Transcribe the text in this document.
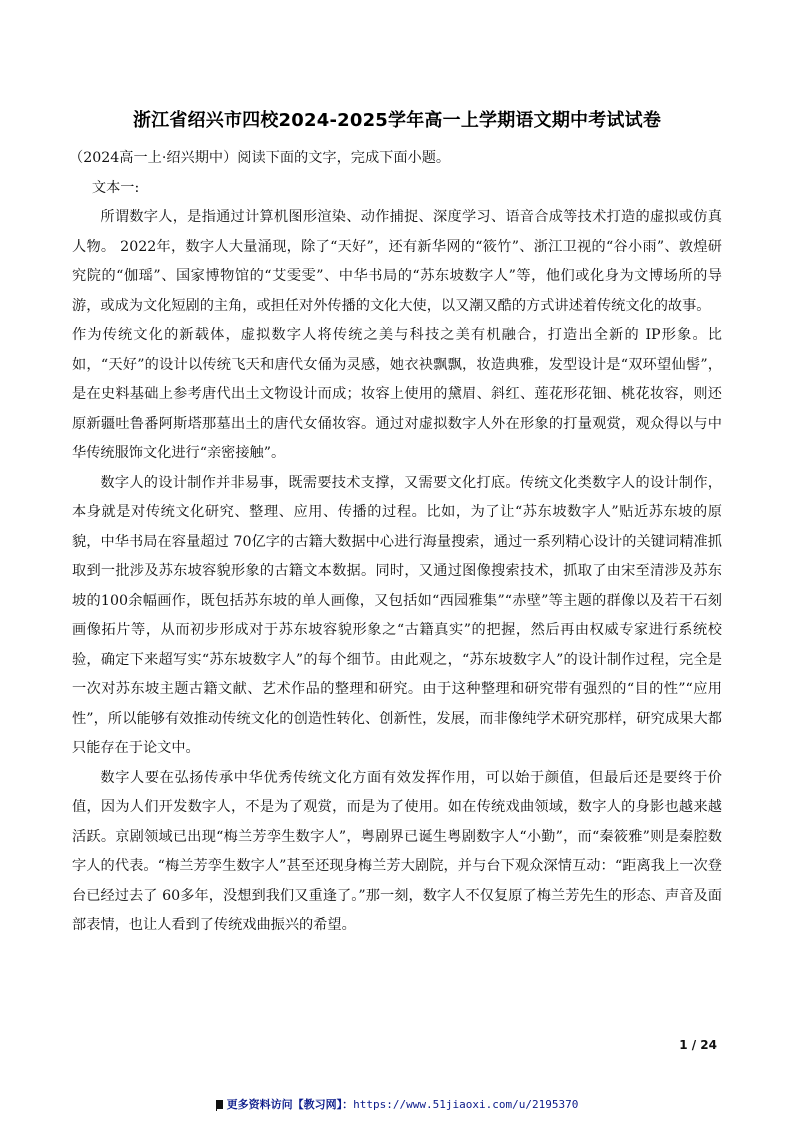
浙江省绍兴市四校2024-2025学年高一上学期语文期中考试试卷

（2024高一上·绍兴期中）阅读下面的文字，完成下面小题。

文本一:

所谓数字人，是指通过计算机图形渲染、动作捕捉、深度学习、语音合成等技术打造的虚拟或仿真人物。 2022年，数字人大量涌现，除了“天好”，还有新华网的“筱竹”、浙江卫视的“谷小雨”、敦煌研究院的“伽瑶”、国家博物馆的“艾雯雯”、中华书局的“苏东坡数字人”等，他们或化身为文博场所的导游，或成为文化短剧的主角，或担任对外传播的文化大使，以又潮又酷的方式讲述着传统文化的故事。

作为传统文化的新载体，虚拟数字人将传统之美与科技之美有机融合，打造出全新的 IP形象。比如，“天好”的设计以传统飞天和唐代女俑为灵感，她衣袂飘飘，妆造典雅，发型设计是“双环望仙髻”，是在史料基础上参考唐代出土文物设计而成；妆容上使用的黛眉、斜红、莲花形花钿、桃花妆容，则还原新疆吐鲁番阿斯塔那墓出土的唐代女俑妆容。通过对虚拟数字人外在形象的打量观赏，观众得以与中华传统服饰文化进行“亲密接触”。

数字人的设计制作并非易事，既需要技术支撑，又需要文化打底。传统文化类数字人的设计制作，本身就是对传统文化研究、整理、应用、传播的过程。比如，为了让“苏东坡数字人”贴近苏东坡的原貌，中华书局在容量超过 70亿字的古籍大数据中心进行海量搜索，通过一系列精心设计的关键词精准抓取到一批涉及苏东坡容貌形象的古籍文本数据。同时，又通过图像搜索技术，抓取了由宋至清涉及苏东坡的100余幅画作，既包括苏东坡的单人画像，又包括如“西园雅集”“赤壁”等主题的群像以及若干石刻画像拓片等，从而初步形成对于苏东坡容貌形象之“古籍真实”的把握，然后再由权威专家进行系统校验，确定下来超写实“苏东坡数字人”的每个细节。由此观之，“苏东坡数字人”的设计制作过程，完全是一次对苏东坡主题古籍文献、艺术作品的整理和研究。由于这种整理和研究带有强烈的“目的性”“应用性”，所以能够有效推动传统文化的创造性转化、创新性，发展，而非像纯学术研究那样，研究成果大都只能存在于论文中。

数字人要在弘扬传承中华优秀传统文化方面有效发挥作用，可以始于颜值，但最后还是要终于价值，因为人们开发数字人，不是为了观赏，而是为了使用。如在传统戏曲领域，数字人的身影也越来越活跃。京剧领域已出现“梅兰芳孪生数字人”，粤剧界已诞生粤剧数字人“小勤”，而“秦筱雅”则是秦腔数字人的代表。“梅兰芳孪生数字人”甚至还现身梅兰芳大剧院，并与台下观众深情互动：“距离我上一次登台已经过去了 60多年，没想到我们又重逢了。”那一刻，数字人不仅复原了梅兰芳先生的形态、声音及面部表情，也让人看到了传统戏曲振兴的希望。

1 / 24
更多资料访问【教习网】：https://www.51jiaoxi.com/u/2195370
